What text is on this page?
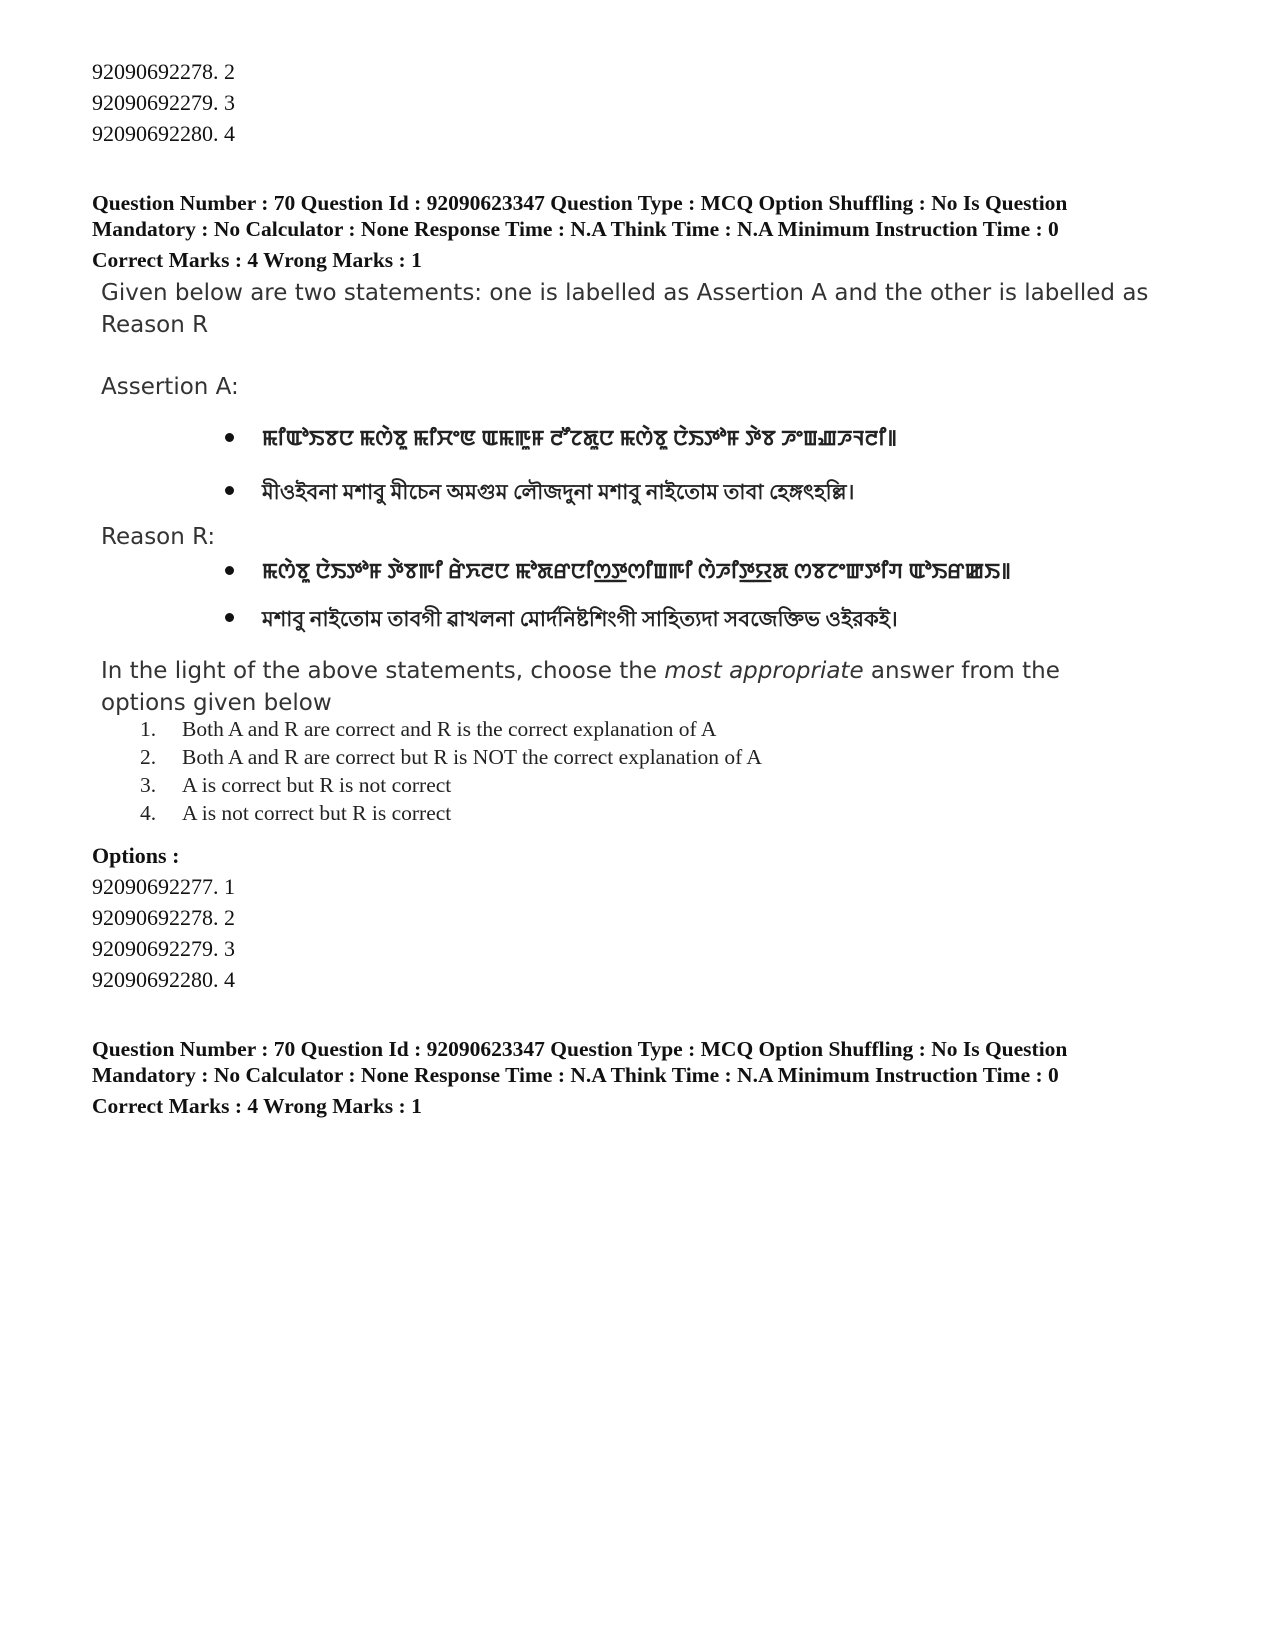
92090692278. 2
92090692279. 3
92090692280. 4
Question Number : 70 Question Id : 92090623347 Question Type : MCQ Option Shuffling : No Is Question
Mandatory : No Calculator : None Response Time : N.A Think Time : N.A Minimum Instruction Time : 0
Correct Marks : 4 Wrong Marks : 1
Given below are two statements: one is labelled as Assertion A and the other is labelled as
Reason R
Assertion A:
ꯃꯤꯑꯣꯏꯕꯅ ꯃꯁꯥꯕꯨ ꯃꯤꯆꯦꯟ ꯑꯃꯒꯨꯝ ꯂꯧꯖꯗꯨꯅ ꯃꯁꯥꯕꯨ ꯅꯥꯏꯇꯣꯝ ꯇꯥꯕ ꯍꯦꯡꯉꯍꯜꯂꯤ꯫
মীওইবনা মশাবু মীচেন অমগুম লৌজদুনা মশাবু নাইতোম তাবা হেঙ্গৎহল্লি।
Reason R:
ꯃꯁꯥꯕꯨ ꯅꯥꯏꯇꯣꯝ ꯇꯥꯕꯒꯤ ꯔꯥꯈꯂꯅ ꯃꯣꯗꯔꯅꯤꯁ꯭ꯇꯁꯤꯡꯒꯤ ꯁꯥꯍꯤꯇ꯭ꯌꯗ ꯁꯕꯖꯦꯛꯇꯤꯚ ꯑꯣꯏꯔꯀꯏ꯫
মশাবু নাইতোম তাবগী ৱাখলনা মোর্দনিষ্টশিংগী সাহিত্যদা সবজেক্তিভ ওইরকই।
In the light of the above statements, choose the most appropriate answer from the
options given below
1.	Both A and R are correct and R is the correct explanation of A
2.	Both A and R are correct but R is NOT the correct explanation of A
3.	A is correct but R is not correct
4.	A is not correct but R is correct
Options :
92090692277. 1
92090692278. 2
92090692279. 3
92090692280. 4
Question Number : 70 Question Id : 92090623347 Question Type : MCQ Option Shuffling : No Is Question
Mandatory : No Calculator : None Response Time : N.A Think Time : N.A Minimum Instruction Time : 0
Correct Marks : 4 Wrong Marks : 1
